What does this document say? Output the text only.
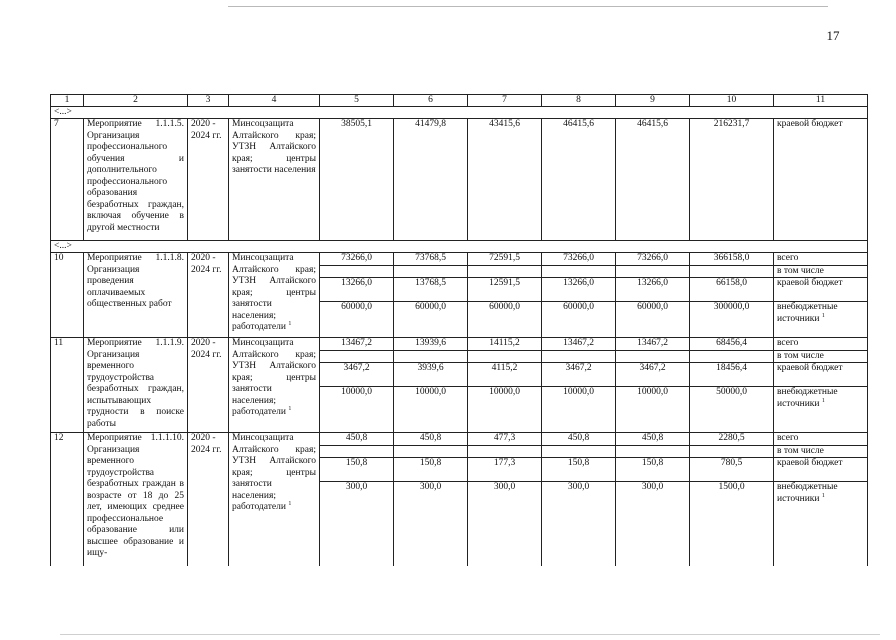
17
1	2	3	4	5	6	7	8	9	10	11
<...>										
7	Мероприятие 1.1.1.5. Организация профессионального обучения и дополнительного профессионального образования безработных граждан, включая обучение в другой местности	2020 - 2024 гг.	Минсоцзащита Алтайского края; УТЗН Алтайского края; центры занятости населения	38505,1	41479,8	43415,6	46415,6	46415,6	216231,7	краевой бюджет
<...>										
10	Мероприятие 1.1.1.8. Организация проведения оплачиваемых общественных работ	2020 - 2024 гг.	Минсоцзащита Алтайского края; УТЗН Алтайского края; центры занятости населения; работодатели $^1$	73266,0	73768,5	72591,5	73266,0	73266,0	366158,0	всего
										в том числе
				13266,0	13768,5	12591,5	13266,0	13266,0	66158,0	краевой бюджет
				60000,0	60000,0	60000,0	60000,0	60000,0	300000,0	внебюджетные источники $^1$
11	Мероприятие 1.1.1.9. Организация временного трудоустройства безработных граждан, испытывающих трудности в поиске работы	2020 - 2024 гг.	Минсоцзащита Алтайского края; УТЗН Алтайского края; центры занятости населения; работодатели $^1$	13467,2	13939,6	14115,2	13467,2	13467,2	68456,4	всего
										в том числе
				3467,2	3939,6	4115,2	3467,2	3467,2	18456,4	краевой бюджет
				10000,0	10000,0	10000,0	10000,0	10000,0	50000,0	внебюджетные источники $^1$
12	Мероприятие 1.1.1.10. Организация временного трудоустройства безработных граждан в возрасте от 18 до 25 лет, имеющих среднее профессиональное образование или высшее образование и ищу-	2020 - 2024 гг.	Минсоцзащита Алтайского края; УТЗН Алтайского края; центры занятости населения; работодатели $^1$	450,8	450,8	477,3	450,8	450,8	2280,5	всего
										в том числе
				150,8	150,8	177,3	150,8	150,8	780,5	краевой бюджет
				300,0	300,0	300,0	300,0	300,0	1500,0	внебюджетные источники $^1$
